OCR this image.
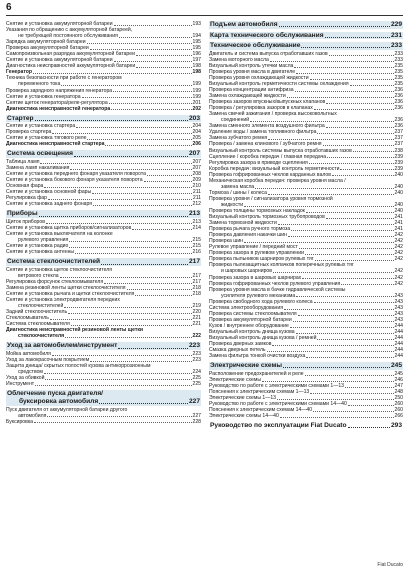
6
Снятие и установка аккумуляторной батареи	193
Указания по обращению с аккумуляторной батареей,
не требующей постоянного обслуживания	194
Зарядка аккумуляторной батареи	195
Проверка аккумуляторной батареи	195
Самопроизвольная разрядка аккумуляторной батареи	196
Снятие и установка аккумуляторной батареи	197
Диагностика неисправностей аккумуляторной батареи	198
Генератор	198
Техника безопасности при работе с генератором
переменного тока	199
Проверка зарядного напряжения генератора	199
Снятие и установка генератора	199
Снятие щеток генератора/реле-регулятора	201
Диагностика неисправностей генератора	202
Стартер	203
Снятие и установка стартера	204
Проверка стартера	204
Снятие и установка тягового реле	205
Диагностика неисправностей стартера	206
Система освещения	207
Таблица ламп	207
Замена ламп накаливания	207
Снятие и установка переднего фонаря указателя поворота	208
Снятие и установка бокового фонаря указателя поворота	209
Основная фара	210
Снятие и установка основной фары	211
Регулировка фар	211
Снятие и установка заднего фонаря	212
Приборы	213
Щиток приборов	213
Снятие и установка щитка приборов/сигнализаторов	214
Снятие и установка выключателя на колонке
рулевого управления	215
Снятие и установка радио	215
Снятие и установка антенны	216
Система стеклоочистителей	217
Снятие и установка щеток стеклоочистителя
ветрового стекла	217
Регулировка форсунок стеклоомывателя	217
Замена резиновой ленты щетки стеклоочистителя	218
Снятие и установка рычага и щетки стеклоочистителя	218
Снятие и установка электродвигателя передних
стеклоочистителей	219
Задний стеклоочиститель	220
Стеклоомыватель	221
Система стеклоомывателя	221
Диагностика неисправностей резиновой ленты щетки
стеклоочистителя	222
Уход за автомобилем/инструмент	223
Мойка автомобиля	223
Уход за лакокрасочным покрытием	223
Защита днища/ скрытых полостей кузова антикоррозионным
средством	224
Уход за обивкой	225
Инструмент	225
Облегчение пуска двигателя/
буксировка автомобиля	227
Пуск двигателя от аккумуляторной батареи другого
автомобиля	227
Буксировка	228
Подъем автомобиля	229
Карта технического обслуживания	231
Техническое обслуживание	233
Двигатель и система выпуска отработавших газов	233
Замена моторного масла	233
Визуальный контроль утечки масла	235
Проверка уровня масла в двигателе	235
Проверка уровня охлаждающей жидкости	235
Визуальный контроль герметичности системы охлаждения	235
Проверка концентрации антифриза	236
Замена охлаждающей жидкости	236
Проверка зазоров впускных/выпускных клапанов	236
Проверка / регулировка зазоров в клапанах	236
Замена свечей зажигания / проверка высоковольтных
соединений	236
Замена сменного элемента воздушного фильтра	236
Удаление воды / замена топливного фильтра	237
Замена зубчатого ремня	237
Проверка / замена клинового / зубчатого ремня	237
Визуальный контроль системы выпуска отработавших газов	238
Сцепление / коробка передач / главная передача	239
Регулировка зазора в приводе сцепления	239
Коробка передач: визуальный контроль герметичности	239
Проверка гофрированных чехлов карданных валов	240
Механическая коробка передач: проверка уровня масла /
замена масла	240
Тормоза / шины / колеса	240
Проверка уровня / сигнализатора уровня тормозной
жидкости	240
Проверка толщины тормозных накладок	240
Визуальный контроль тормозных трубопроводов	241
Замена тормозной жидкости	241
Проверка рычага ручного тормоза	241
Проверка давления накачки шин	242
Проверка шин	242
Рулевое управление / передний мост	242
Проверка зазора в рулевом управлении	242
Проверка пыльников шарниров рулевых тяг	242
Проверка пылезащитных колпачков поперечных рулевых тяг
и шаровых шарниров	242
Проверка зазора в шаровых шарнирах	242
Проверка гофрированных чехлов рулевого управления	242
Проверка уровня масла в бачке гидравлической системы
усилителя рулевого механизма	243
Проверка свободного хода рулевого колеса	243
Система электрооборудования	243
Проверка системы стеклоомывателя	243
Проверка аккумуляторной батареи	243
Кузов / внутреннее оборудование	244
Визуальный контроль днища кузова	244
Визуальный контроль днища кузова / ремней	244
Проверка дверных замков	244
Смазка дверных петель	244
Замена фильтра тонкой очистки воздуха	244
Электрические схемы	245
Расположение предохранителей и реле	245
Электрические схемы	246
Руководство по работе с электрическими схемами 1—13	247
Пояснения к электрическим схемам 1—13	248
Электрические схемы 1—13	250
Руководство по работе с электрическими схемами 14—40	260
Пояснения к электрическим схемам 14—40	260
Электрические схемы 14—40	266
Руководство по эксплуатации Fiat Ducato	293
Fiat Ducato
